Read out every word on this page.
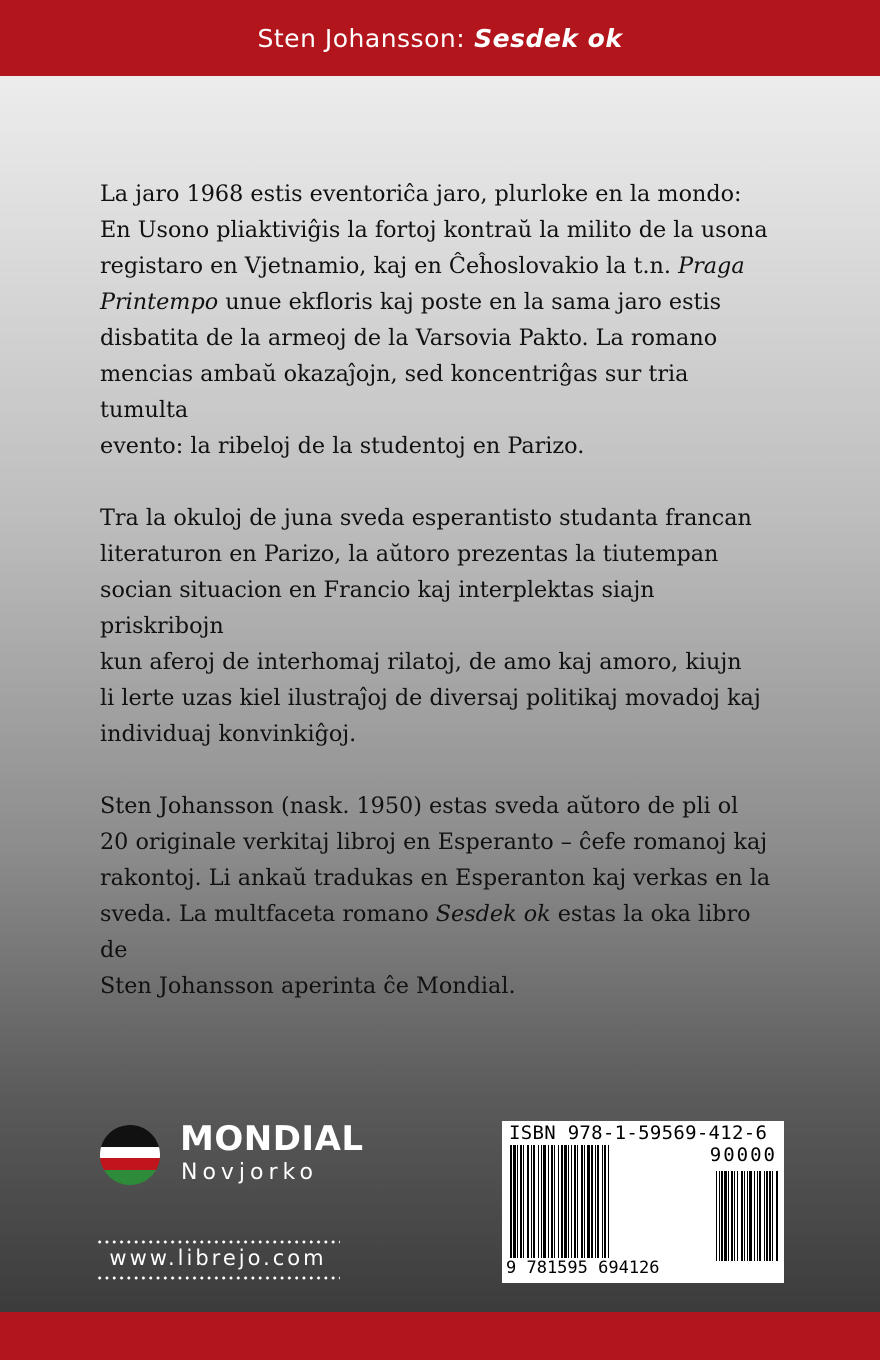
Sten Johansson: Sesdek ok

La jaro 1968 estis eventoriĉa jaro, plurloke en la mondo:
En Usono pliaktiviĝis la fortoj kontraŭ la milito de la usona
registaro en Vjetnamio, kaj en Ĉeĥoslovakio la t.n. Praga
Printempo unue ekfloris kaj poste en la sama jaro estis
disbatita de la armeoj de la Varsovia Pakto. La romano
mencias ambaŭ okazaĵojn, sed koncentriĝas sur tria tumulta
evento: la ribeloj de la studentoj en Parizo.

Tra la okuloj de juna sveda esperantisto studanta francan
literaturon en Parizo, la aŭtoro prezentas la tiutempan
socian situacion en Francio kaj interplektas siajn priskribojn
kun aferoj de interhomaj rilatoj, de amo kaj amoro, kiujn
li lerte uzas kiel ilustraĵoj de diversaj politikaj movadoj kaj
individuaj konvinkiĝoj.

Sten Johansson (nask. 1950) estas sveda aŭtoro de pli ol
20 originale verkitaj libroj en Esperanto – ĉefe romanoj kaj
rakontoj. Li ankaŭ tradukas en Esperanton kaj verkas en la
sveda. La multfaceta romano Sesdek ok estas la oka libro de
Sten Johansson aperinta ĉe Mondial.

MONDIAL
Novjorko
www.librejo.com
ISBN 978-1-59569-412-6
90000
9 781595 694126
